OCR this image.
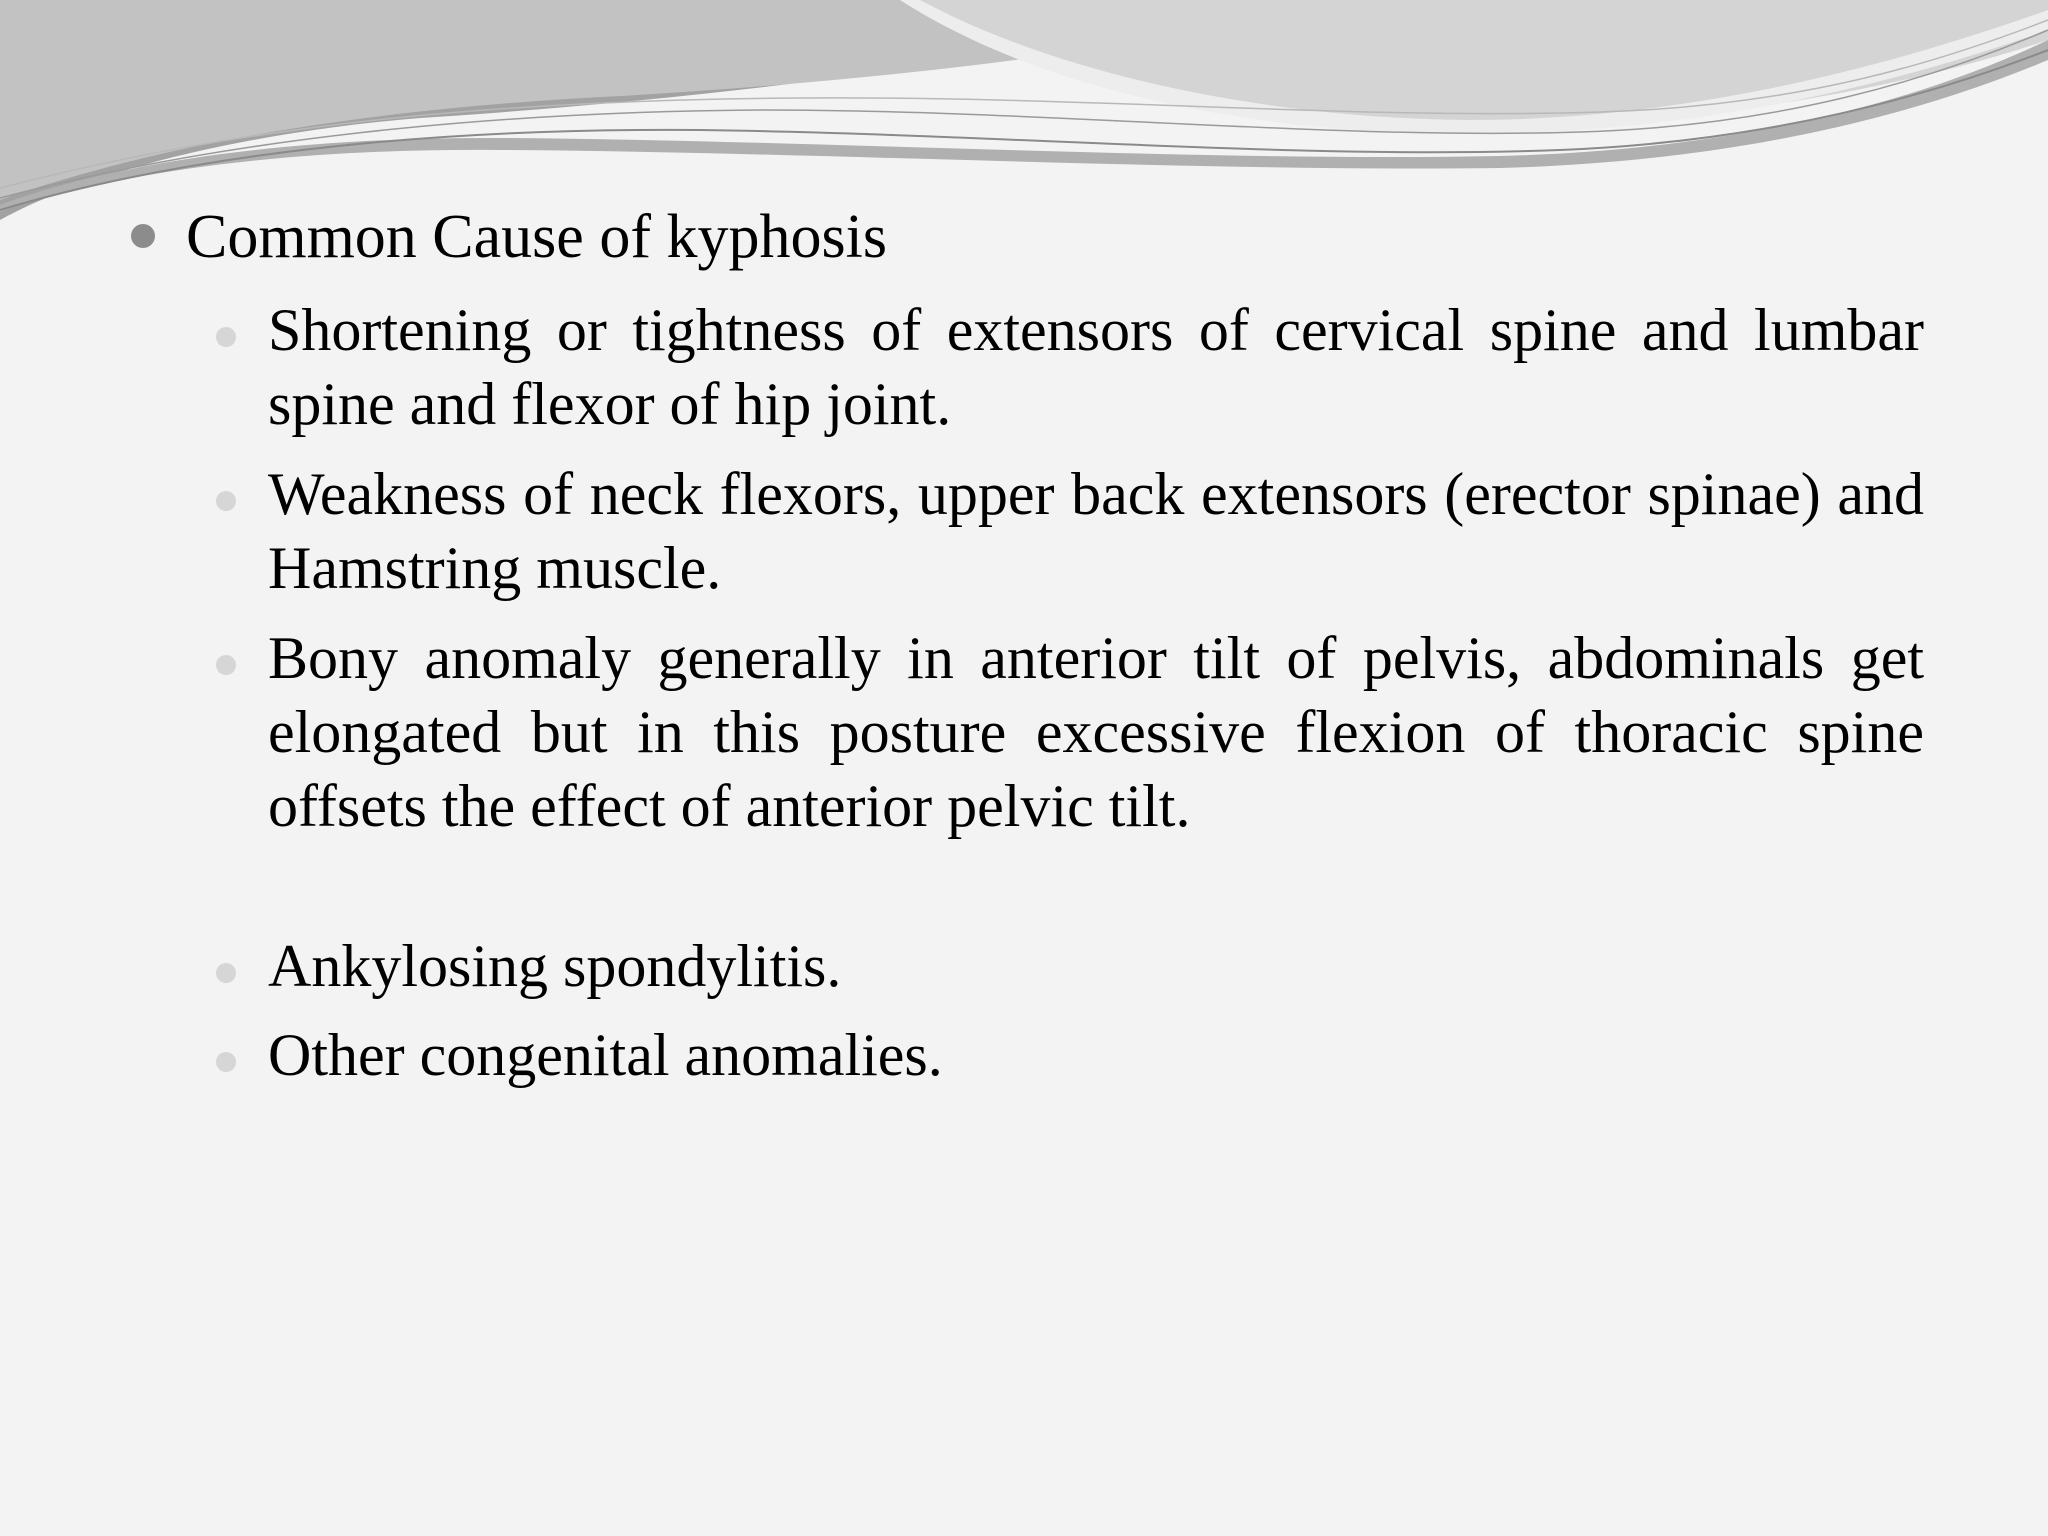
Common Cause of kyphosis
Shortening or tightness of extensors of cervical spine and lumbar spine and flexor of hip joint.
Weakness of neck flexors, upper back extensors (erector spinae) and Hamstring muscle.
Bony anomaly generally in anterior tilt of pelvis, abdominals get elongated but in this posture excessive flexion of thoracic spine offsets the effect of anterior pelvic tilt.
Ankylosing spondylitis.
Other congenital anomalies.
